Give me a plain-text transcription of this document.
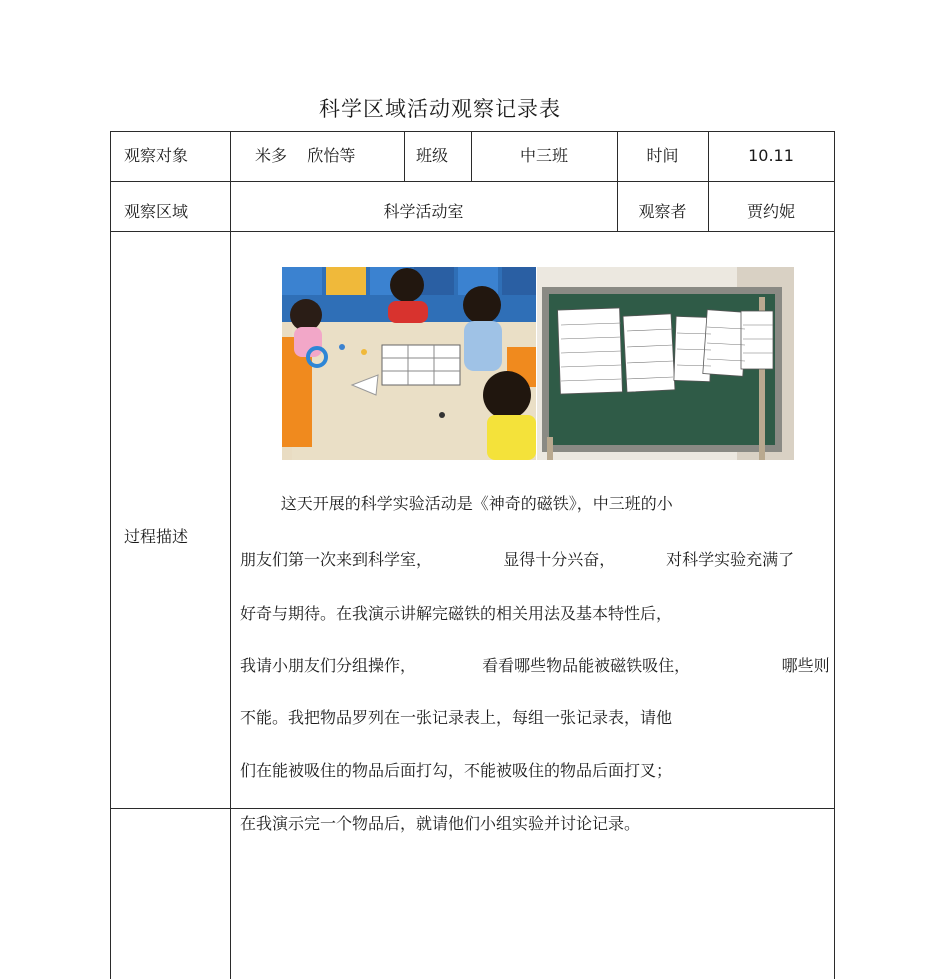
科学区域活动观察记录表
观察对象	米多    欣怡等	班级	中三班	时间	10.11
观察区域	科学活动室	观察者	贾约妮
过程描述
这天开展的科学实验活动是《神奇的磁铁》，中三班的小
朋友们第一次来到科学室，              显得十分兴奋，          对科学实验充满了
好奇与期待。在我演示讲解完磁铁的相关用法及基本特性后，
我请小朋友们分组操作，             看看哪些物品能被磁铁吸住，                  哪些则
不能。我把物品罗列在一张记录表上，每组一张记录表，请他
们在能被吸住的物品后面打勾，不能被吸住的物品后面打叉；
在我演示完一个物品后，就请他们小组实验并讨论记录。
